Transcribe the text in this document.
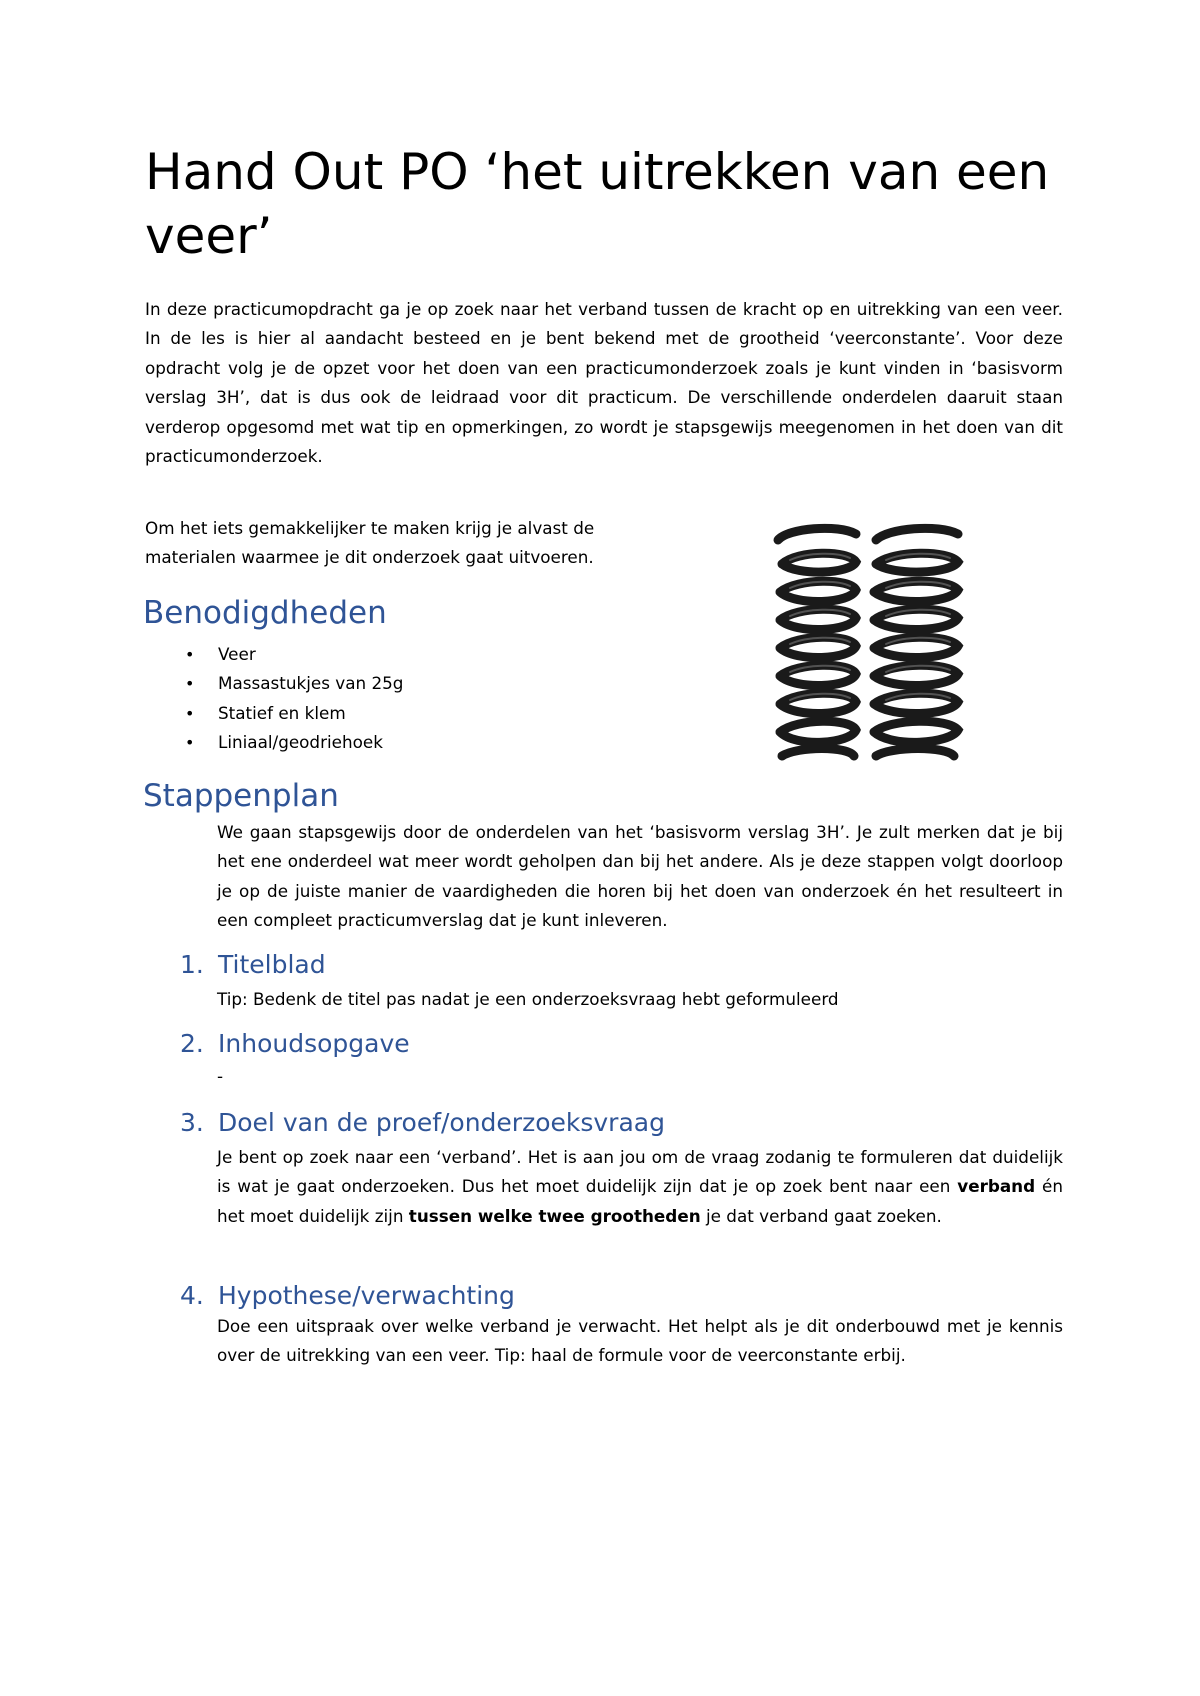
Hand Out PO ‘het uitrekken van een veer’

In deze practicumopdracht ga je op zoek naar het verband tussen de kracht op en uitrekking van een veer. In de les is hier al aandacht besteed en je bent bekend met de grootheid ‘veerconstante’. Voor deze opdracht volg je de opzet voor het doen van een practicumonderzoek zoals je kunt vinden in ‘basisvorm verslag 3H’, dat is dus ook de leidraad voor dit practicum. De verschillende onderdelen daaruit staan verderop opgesomd met wat tip en opmerkingen, zo wordt je stapsgewijs meegenomen in het doen van dit practicumonderzoek.

Om het iets gemakkelijker te maken krijg je alvast de materialen waarmee je dit onderzoek gaat uitvoeren.

Benodigdheden
• Veer
• Massastukjes van 25g
• Statief en klem
• Liniaal/geodriehoek
Stappenplan

We gaan stapsgewijs door de onderdelen van het ‘basisvorm verslag 3H’. Je zult merken dat je bij het ene onderdeel wat meer wordt geholpen dan bij het andere. Als je deze stappen volgt doorloop je op de juiste manier de vaardigheden die horen bij het doen van onderzoek én het resulteert in een compleet practicumverslag dat je kunt inleveren.

1. Titelblad

Tip: Bedenk de titel pas nadat je een onderzoeksvraag hebt geformuleerd

2. Inhoudsopgave

-

3. Doel van de proef/onderzoeksvraag

Je bent op zoek naar een ‘verband’. Het is aan jou om de vraag zodanig te formuleren dat duidelijk is wat je gaat onderzoeken. Dus het moet duidelijk zijn dat je op zoek bent naar een verband én het moet duidelijk zijn tussen welke twee grootheden je dat verband gaat zoeken.

4. Hypothese/verwachting

Doe een uitspraak over welke verband je verwacht. Het helpt als je dit onderbouwd met je kennis over de uitrekking van een veer. Tip: haal de formule voor de veerconstante erbij.
